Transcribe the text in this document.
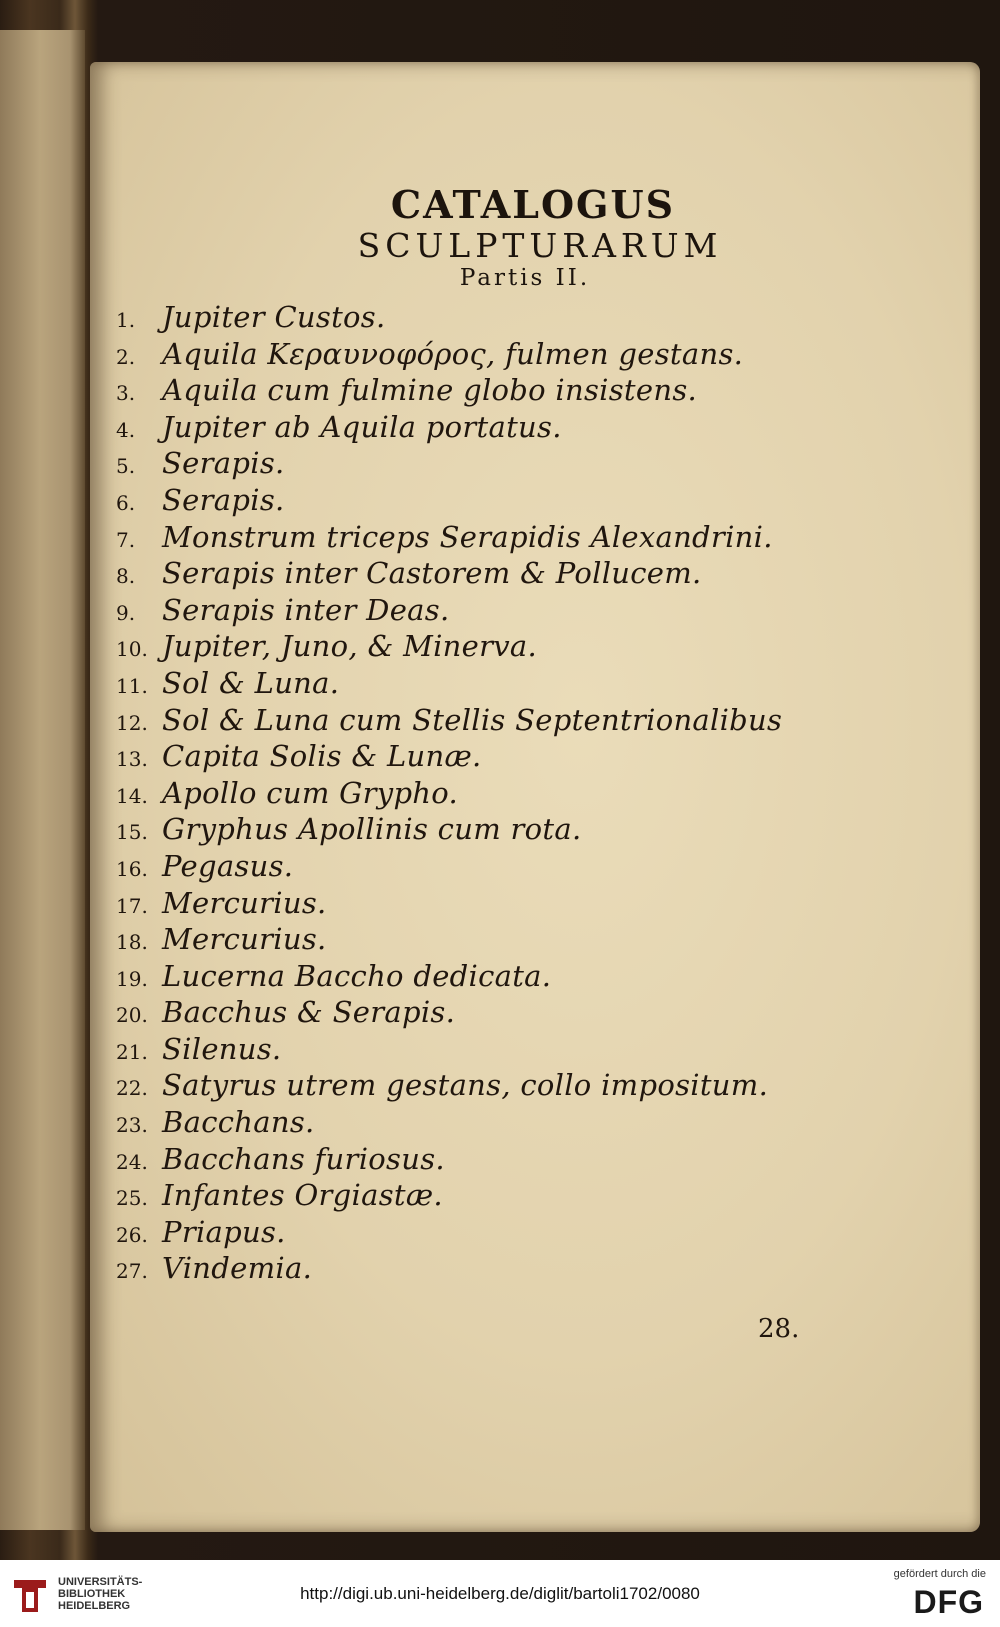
CATALOGUS
SCULPTURARUM
Partis II.
1. Jupiter Custos.
2. Aquila Κεραυνοφόρος, fulmen gestans.
3. Aquila cum fulmine globo insistens.
4. Jupiter ab Aquila portatus.
5. Serapis.
6. Serapis.
7. Monstrum triceps Serapidis Alexandrini.
8. Serapis inter Castorem & Pollucem.
9. Serapis inter Deas.
10. Jupiter, Juno, & Minerva.
11. Sol & Luna.
12. Sol & Luna cum Stellis Septentrionalibus
13. Capita Solis & Lunæ.
14. Apollo cum Grypho.
15. Gryphus Apollinis cum rota.
16. Pegasus.
17. Mercurius.
18. Mercurius.
19. Lucerna Baccho dedicata.
20. Bacchus & Serapis.
21. Silenus.
22. Satyrus utrem gestans, collo impositum.
23. Bacchans.
24. Bacchans furiosus.
25. Infantes Orgiastæ.
26. Priapus.
27. Vindemia.
28.
UNIVERSITÄTS-
BIBLIOTHEK
HEIDELBERG
http://digi.ub.uni-heidelberg.de/diglit/bartoli1702/0080
gefördert durch die
DFG
